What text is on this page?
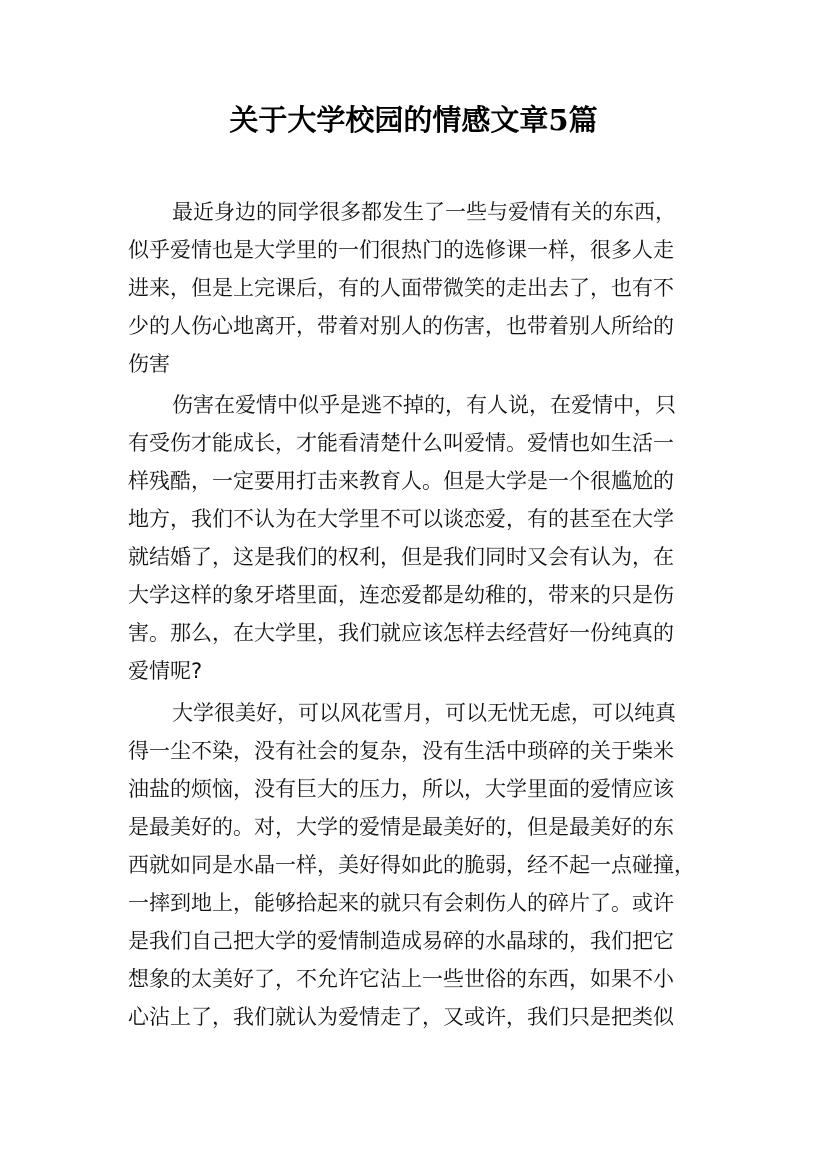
关于大学校园的情感文章5篇

最近身边的同学很多都发生了一些与爱情有关的东西，

似乎爱情也是大学里的一们很热门的选修课一样，很多人走

进来，但是上完课后，有的人面带微笑的走出去了，也有不

少的人伤心地离开，带着对别人的伤害，也带着别人所给的

伤害

伤害在爱情中似乎是逃不掉的，有人说，在爱情中，只

有受伤才能成长，才能看清楚什么叫爱情。爱情也如生活一

样残酷，一定要用打击来教育人。但是大学是一个很尴尬的

地方，我们不认为在大学里不可以谈恋爱，有的甚至在大学

就结婚了，这是我们的权利，但是我们同时又会有认为，在

大学这样的象牙塔里面，连恋爱都是幼稚的，带来的只是伤

害。那么，在大学里，我们就应该怎样去经营好一份纯真的

爱情呢?

大学很美好，可以风花雪月，可以无忧无虑，可以纯真

得一尘不染，没有社会的复杂，没有生活中琐碎的关于柴米

油盐的烦恼，没有巨大的压力，所以，大学里面的爱情应该

是最美好的。对，大学的爱情是最美好的，但是最美好的东

西就如同是水晶一样，美好得如此的脆弱，经不起一点碰撞，

一摔到地上，能够拾起来的就只有会刺伤人的碎片了。或许

是我们自己把大学的爱情制造成易碎的水晶球的，我们把它

想象的太美好了，不允许它沾上一些世俗的东西，如果不小

心沾上了，我们就认为爱情走了，又或许，我们只是把类似
